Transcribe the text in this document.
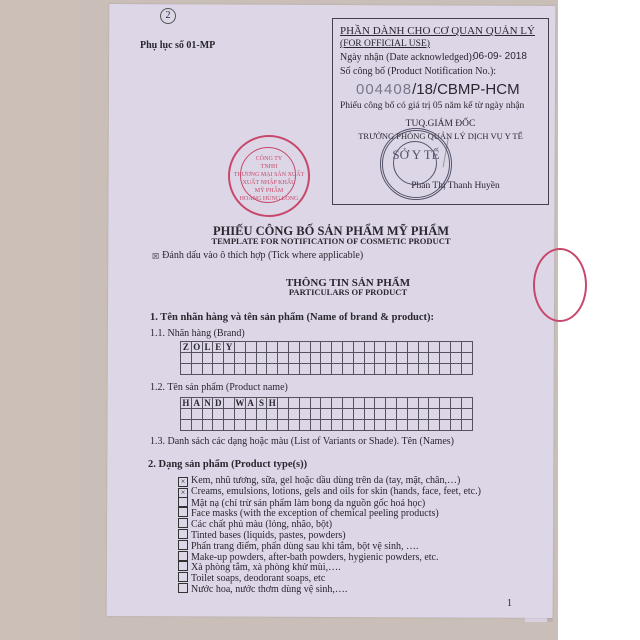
2
Phụ lục số 01-MP
PHẦN DÀNH CHO CƠ QUAN QUẢN LÝ
(FOR OFFICIAL USE)
Ngày nhận (Date acknowledged):
06-09- 2018
Số công bố (Product Notification No.):
004408/18/CBMP-HCM
Phiếu công bố có giá trị 05 năm kể từ ngày nhận
TUQ.GIÁM ĐỐC
TRƯỞNG PHÒNG QUẢN LÝ DỊCH VỤ Y TẾ
Phan Thị Thanh Huyền
SỞ Y TẾ
CÔNG TY
TNHH
THƯƠNG MẠI SẢN XUẤT
XUẤT NHẬP KHẨU
MỸ PHẨM
HOÀNG HÙNG LONG
PHIẾU CÔNG BỐ SẢN PHẨM MỸ PHẨM
TEMPLATE FOR NOTIFICATION OF COSMETIC PRODUCT
☒ Đánh dấu vào ô thích hợp (Tick where applicable)
THÔNG TIN SẢN PHẨM
PARTICULARS OF PRODUCT
1. Tên nhãn hàng và tên sản phẩm (Name of brand & product):
1.1. Nhãn hàng (Brand)
Z	O	L	E	Y																						

1.2. Tên sản phẩm (Product name)
H	A	N	D		W	A	S	H																		

1.3. Danh sách các dạng hoặc màu (List of Variants or Shade). Tên (Names)
2. Dạng sản phẩm (Product type(s))
× Kem, nhũ tương, sữa, gel hoặc dầu dùng trên da (tay, mặt, chân,…)
× Creams, emulsions, lotions, gels and oils for skin (hands, face, feet, etc.)
Mặt nạ (chỉ trừ sản phẩm làm bong da nguồn gốc hoá học)
Face masks (with the exception of chemical peeling products)
Các chất phủ màu (lỏng, nhão, bột)
Tinted bases (liquids, pastes, powders)
Phấn trang điểm, phấn dùng sau khi tắm, bột vệ sinh, ….
Make-up powders, after-bath powders, hygienic powders, etc.
Xà phòng tắm, xà phòng khử mùi,….
Toilet soaps, deodorant soaps, etc
Nước hoa, nước thơm dùng vệ sinh,….
1
